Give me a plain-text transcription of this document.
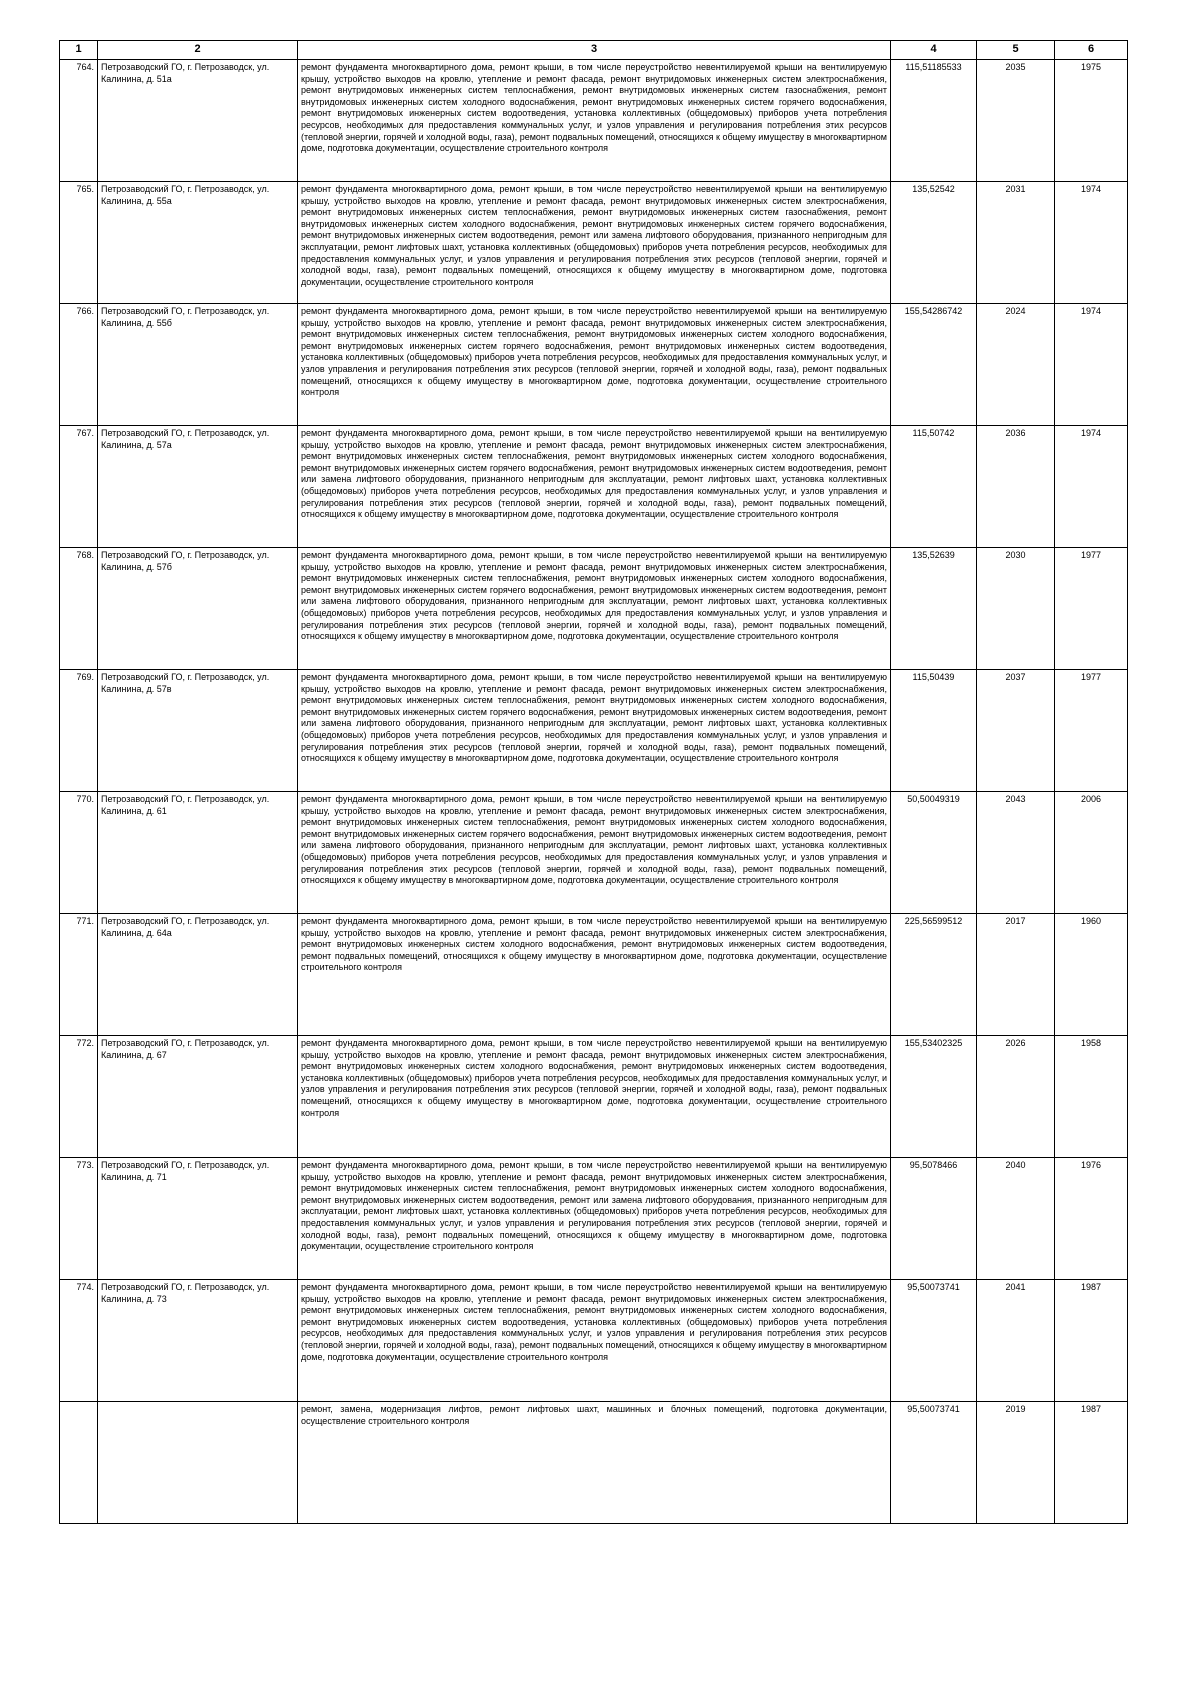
1	2	3	4	5	6
764.	Петрозаводский ГО, г. Петрозаводск, ул. Калинина, д. 51а	ремонт фундамента многоквартирного дома, ремонт крыши, в том числе переустройство невентилируемой крыши на вентилируемую крышу, устройство выходов на кровлю, утепление и ремонт фасада, ремонт внутридомовых инженерных систем электроснабжения, ремонт внутридомовых инженерных систем теплоснабжения, ремонт внутридомовых инженерных систем газоснабжения, ремонт внутридомовых инженерных систем холодного водоснабжения, ремонт внутридомовых инженерных систем горячего водоснабжения, ремонт внутридомовых инженерных систем водоотведения, установка коллективных (общедомовых) приборов учета потребления ресурсов, необходимых для предоставления коммунальных услуг, и узлов управления и регулирования потребления этих ресурсов (тепловой энергии, горячей и холодной воды, газа), ремонт подвальных помещений, относящихся к общему имуществу в многоквартирном доме, подготовка документации, осуществление строительного контроля	115,51185533	2035	1975
765.	Петрозаводский ГО, г. Петрозаводск, ул. Калинина, д. 55а	ремонт фундамента многоквартирного дома, ремонт крыши, в том числе переустройство невентилируемой крыши на вентилируемую крышу, устройство выходов на кровлю, утепление и ремонт фасада, ремонт внутридомовых инженерных систем электроснабжения, ремонт внутридомовых инженерных систем теплоснабжения, ремонт внутридомовых инженерных систем газоснабжения, ремонт внутридомовых инженерных систем холодного водоснабжения, ремонт внутридомовых инженерных систем горячего водоснабжения, ремонт внутридомовых инженерных систем водоотведения, ремонт или замена лифтового оборудования, признанного непригодным для эксплуатации, ремонт лифтовых шахт, установка коллективных (общедомовых) приборов учета потребления ресурсов, необходимых для предоставления коммунальных услуг, и узлов управления и регулирования потребления этих ресурсов (тепловой энергии, горячей и холодной воды, газа), ремонт подвальных помещений, относящихся к общему имуществу в многоквартирном доме, подготовка документации, осуществление строительного контроля	135,52542	2031	1974
766.	Петрозаводский ГО, г. Петрозаводск, ул. Калинина, д. 55б	ремонт фундамента многоквартирного дома, ремонт крыши, в том числе переустройство невентилируемой крыши на вентилируемую крышу, устройство выходов на кровлю, утепление и ремонт фасада, ремонт внутридомовых инженерных систем электроснабжения, ремонт внутридомовых инженерных систем теплоснабжения, ремонт внутридомовых инженерных систем холодного водоснабжения, ремонт внутридомовых инженерных систем горячего водоснабжения, ремонт внутридомовых инженерных систем водоотведения, установка коллективных (общедомовых) приборов учета потребления ресурсов, необходимых для предоставления коммунальных услуг, и узлов управления и регулирования потребления этих ресурсов (тепловой энергии, горячей и холодной воды, газа), ремонт подвальных помещений, относящихся к общему имуществу в многоквартирном доме, подготовка документации, осуществление строительного контроля	155,54286742	2024	1974
767.	Петрозаводский ГО, г. Петрозаводск, ул. Калинина, д. 57а	ремонт фундамента многоквартирного дома, ремонт крыши, в том числе переустройство невентилируемой крыши на вентилируемую крышу, устройство выходов на кровлю, утепление и ремонт фасада, ремонт внутридомовых инженерных систем электроснабжения, ремонт внутридомовых инженерных систем теплоснабжения, ремонт внутридомовых инженерных систем холодного водоснабжения, ремонт внутридомовых инженерных систем горячего водоснабжения, ремонт внутридомовых инженерных систем водоотведения, ремонт или замена лифтового оборудования, признанного непригодным для эксплуатации, ремонт лифтовых шахт, установка коллективных (общедомовых) приборов учета потребления ресурсов, необходимых для предоставления коммунальных услуг, и узлов управления и регулирования потребления этих ресурсов (тепловой энергии, горячей и холодной воды, газа), ремонт подвальных помещений, относящихся к общему имуществу в многоквартирном доме, подготовка документации, осуществление строительного контроля	115,50742	2036	1974
768.	Петрозаводский ГО, г. Петрозаводск, ул. Калинина, д. 57б	ремонт фундамента многоквартирного дома, ремонт крыши, в том числе переустройство невентилируемой крыши на вентилируемую крышу, устройство выходов на кровлю, утепление и ремонт фасада, ремонт внутридомовых инженерных систем электроснабжения, ремонт внутридомовых инженерных систем теплоснабжения, ремонт внутридомовых инженерных систем холодного водоснабжения, ремонт внутридомовых инженерных систем горячего водоснабжения, ремонт внутридомовых инженерных систем водоотведения, ремонт или замена лифтового оборудования, признанного непригодным для эксплуатации, ремонт лифтовых шахт, установка коллективных (общедомовых) приборов учета потребления ресурсов, необходимых для предоставления коммунальных услуг, и узлов управления и регулирования потребления этих ресурсов (тепловой энергии, горячей и холодной воды, газа), ремонт подвальных помещений, относящихся к общему имуществу в многоквартирном доме, подготовка документации, осуществление строительного контроля	135,52639	2030	1977
769.	Петрозаводский ГО, г. Петрозаводск, ул. Калинина, д. 57в	ремонт фундамента многоквартирного дома, ремонт крыши, в том числе переустройство невентилируемой крыши на вентилируемую крышу, устройство выходов на кровлю, утепление и ремонт фасада, ремонт внутридомовых инженерных систем электроснабжения, ремонт внутридомовых инженерных систем теплоснабжения, ремонт внутридомовых инженерных систем холодного водоснабжения, ремонт внутридомовых инженерных систем горячего водоснабжения, ремонт внутридомовых инженерных систем водоотведения, ремонт или замена лифтового оборудования, признанного непригодным для эксплуатации, ремонт лифтовых шахт, установка коллективных (общедомовых) приборов учета потребления ресурсов, необходимых для предоставления коммунальных услуг, и узлов управления и регулирования потребления этих ресурсов (тепловой энергии, горячей и холодной воды, газа), ремонт подвальных помещений, относящихся к общему имуществу в многоквартирном доме, подготовка документации, осуществление строительного контроля	115,50439	2037	1977
770.	Петрозаводский ГО, г. Петрозаводск, ул. Калинина, д. 61	ремонт фундамента многоквартирного дома, ремонт крыши, в том числе переустройство невентилируемой крыши на вентилируемую крышу, устройство выходов на кровлю, утепление и ремонт фасада, ремонт внутридомовых инженерных систем электроснабжения, ремонт внутридомовых инженерных систем теплоснабжения, ремонт внутридомовых инженерных систем холодного водоснабжения, ремонт внутридомовых инженерных систем горячего водоснабжения, ремонт внутридомовых инженерных систем водоотведения, ремонт или замена лифтового оборудования, признанного непригодным для эксплуатации, ремонт лифтовых шахт, установка коллективных (общедомовых) приборов учета потребления ресурсов, необходимых для предоставления коммунальных услуг, и узлов управления и регулирования потребления этих ресурсов (тепловой энергии, горячей и холодной воды, газа), ремонт подвальных помещений, относящихся к общему имуществу в многоквартирном доме, подготовка документации, осуществление строительного контроля	50,50049319	2043	2006
771.	Петрозаводский ГО, г. Петрозаводск, ул. Калинина, д. 64а	ремонт фундамента многоквартирного дома, ремонт крыши, в том числе переустройство невентилируемой крыши на вентилируемую крышу, устройство выходов на кровлю, утепление и ремонт фасада, ремонт внутридомовых инженерных систем электроснабжения, ремонт внутридомовых инженерных систем холодного водоснабжения, ремонт внутридомовых инженерных систем водоотведения, ремонт подвальных помещений, относящихся к общему имуществу в многоквартирном доме, подготовка документации, осуществление строительного контроля	225,56599512	2017	1960
772.	Петрозаводский ГО, г. Петрозаводск, ул. Калинина, д. 67	ремонт фундамента многоквартирного дома, ремонт крыши, в том числе переустройство невентилируемой крыши на вентилируемую крышу, устройство выходов на кровлю, утепление и ремонт фасада, ремонт внутридомовых инженерных систем электроснабжения, ремонт внутридомовых инженерных систем холодного водоснабжения, ремонт внутридомовых инженерных систем водоотведения, установка коллективных (общедомовых) приборов учета потребления ресурсов, необходимых для предоставления коммунальных услуг, и узлов управления и регулирования потребления этих ресурсов (тепловой энергии, горячей и холодной воды, газа), ремонт подвальных помещений, относящихся к общему имуществу в многоквартирном доме, подготовка документации, осуществление строительного контроля	155,53402325	2026	1958
773.	Петрозаводский ГО, г. Петрозаводск, ул. Калинина, д. 71	ремонт фундамента многоквартирного дома, ремонт крыши, в том числе переустройство невентилируемой крыши на вентилируемую крышу, устройство выходов на кровлю, утепление и ремонт фасада, ремонт внутридомовых инженерных систем электроснабжения, ремонт внутридомовых инженерных систем теплоснабжения, ремонт внутридомовых инженерных систем холодного водоснабжения, ремонт внутридомовых инженерных систем водоотведения, ремонт или замена лифтового оборудования, признанного непригодным для эксплуатации, ремонт лифтовых шахт, установка коллективных (общедомовых) приборов учета потребления ресурсов, необходимых для предоставления коммунальных услуг, и узлов управления и регулирования потребления этих ресурсов (тепловой энергии, горячей и холодной воды, газа), ремонт подвальных помещений, относящихся к общему имуществу в многоквартирном доме, подготовка документации, осуществление строительного контроля	95,5078466	2040	1976
774.	Петрозаводский ГО, г. Петрозаводск, ул. Калинина, д. 73	ремонт фундамента многоквартирного дома, ремонт крыши, в том числе переустройство невентилируемой крыши на вентилируемую крышу, устройство выходов на кровлю, утепление и ремонт фасада, ремонт внутридомовых инженерных систем электроснабжения, ремонт внутридомовых инженерных систем теплоснабжения, ремонт внутридомовых инженерных систем холодного водоснабжения, ремонт внутридомовых инженерных систем водоотведения, установка коллективных (общедомовых) приборов учета потребления ресурсов, необходимых для предоставления коммунальных услуг, и узлов управления и регулирования потребления этих ресурсов (тепловой энергии, горячей и холодной воды, газа), ремонт подвальных помещений, относящихся к общему имуществу в многоквартирном доме, подготовка документации, осуществление строительного контроля	95,50073741	2041	1987
		ремонт, замена, модернизация лифтов, ремонт лифтовых шахт, машинных и блочных помещений, подготовка документации, осуществление строительного контроля	95,50073741	2019	1987
